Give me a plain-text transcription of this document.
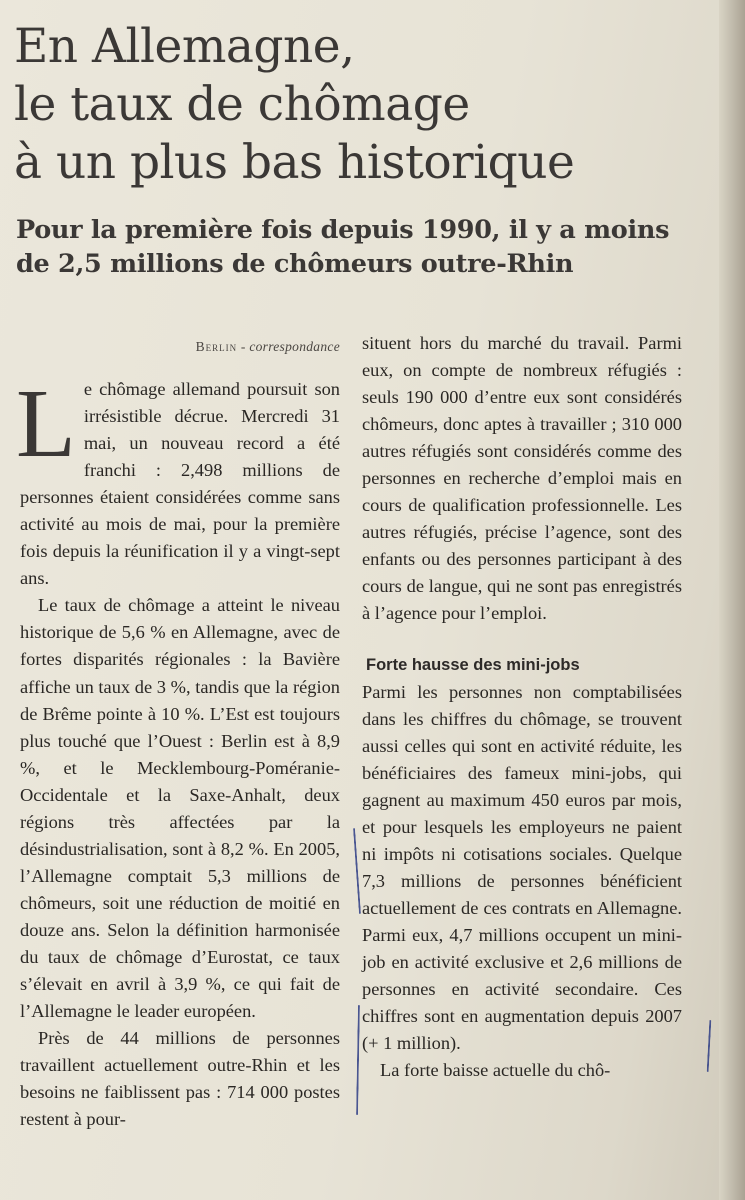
En Allemagne,
le taux de chômage
à un plus bas historique
Pour la première fois depuis 1990, il y a moins
de 2,5 millions de chômeurs outre-Rhin
Berlin - correspondance

Le chômage allemand poursuit son irrésistible décrue. Mercredi 31 mai, un nouveau record a été franchi : 2,498 millions de personnes étaient considérées comme sans activité au mois de mai, pour la première fois depuis la réunification il y a vingt-sept ans.

Le taux de chômage a atteint le niveau historique de 5,6 % en Allemagne, avec de fortes disparités régionales : la Bavière affiche un taux de 3 %, tandis que la région de Brême pointe à 10 %. L’Est est toujours plus touché que l’Ouest : Berlin est à 8,9 %, et le Mecklembourg-Poméranie-Occidentale et la Saxe-Anhalt, deux régions très affectées par la désindustrialisation, sont à 8,2 %. En 2005, l’Allemagne comptait 5,3 millions de chômeurs, soit une réduction de moitié en douze ans. Selon la définition harmonisée du taux de chômage d’Eurostat, ce taux s’élevait en avril à 3,9 %, ce qui fait de l’Allemagne le leader européen.

Près de 44 millions de personnes travaillent actuellement outre-Rhin et les besoins ne faiblissent pas : 714 000 postes restent à pour-

situent hors du marché du travail. Parmi eux, on compte de nombreux réfugiés : seuls 190 000 d’entre eux sont considérés chômeurs, donc aptes à travailler ; 310 000 autres réfugiés sont considérés comme des personnes en recherche d’emploi mais en cours de qualification professionnelle. Les autres réfugiés, précise l’agence, sont des enfants ou des personnes participant à des cours de langue, qui ne sont pas enregistrés à l’agence pour l’emploi.

Forte hausse des mini-jobs

Parmi les personnes non comptabilisées dans les chiffres du chômage, se trouvent aussi celles qui sont en activité réduite, les bénéficiaires des fameux mini-jobs, qui gagnent au maximum 450 euros par mois, et pour lesquels les employeurs ne paient ni impôts ni cotisations sociales. Quelque 7,3 millions de personnes bénéficient actuellement de ces contrats en Allemagne. Parmi eux, 4,7 millions occupent un mini-job en activité exclusive et 2,6 millions de personnes en activité secondaire. Ces chiffres sont en augmentation depuis 2007 (+ 1 million).

La forte baisse actuelle du chô-
